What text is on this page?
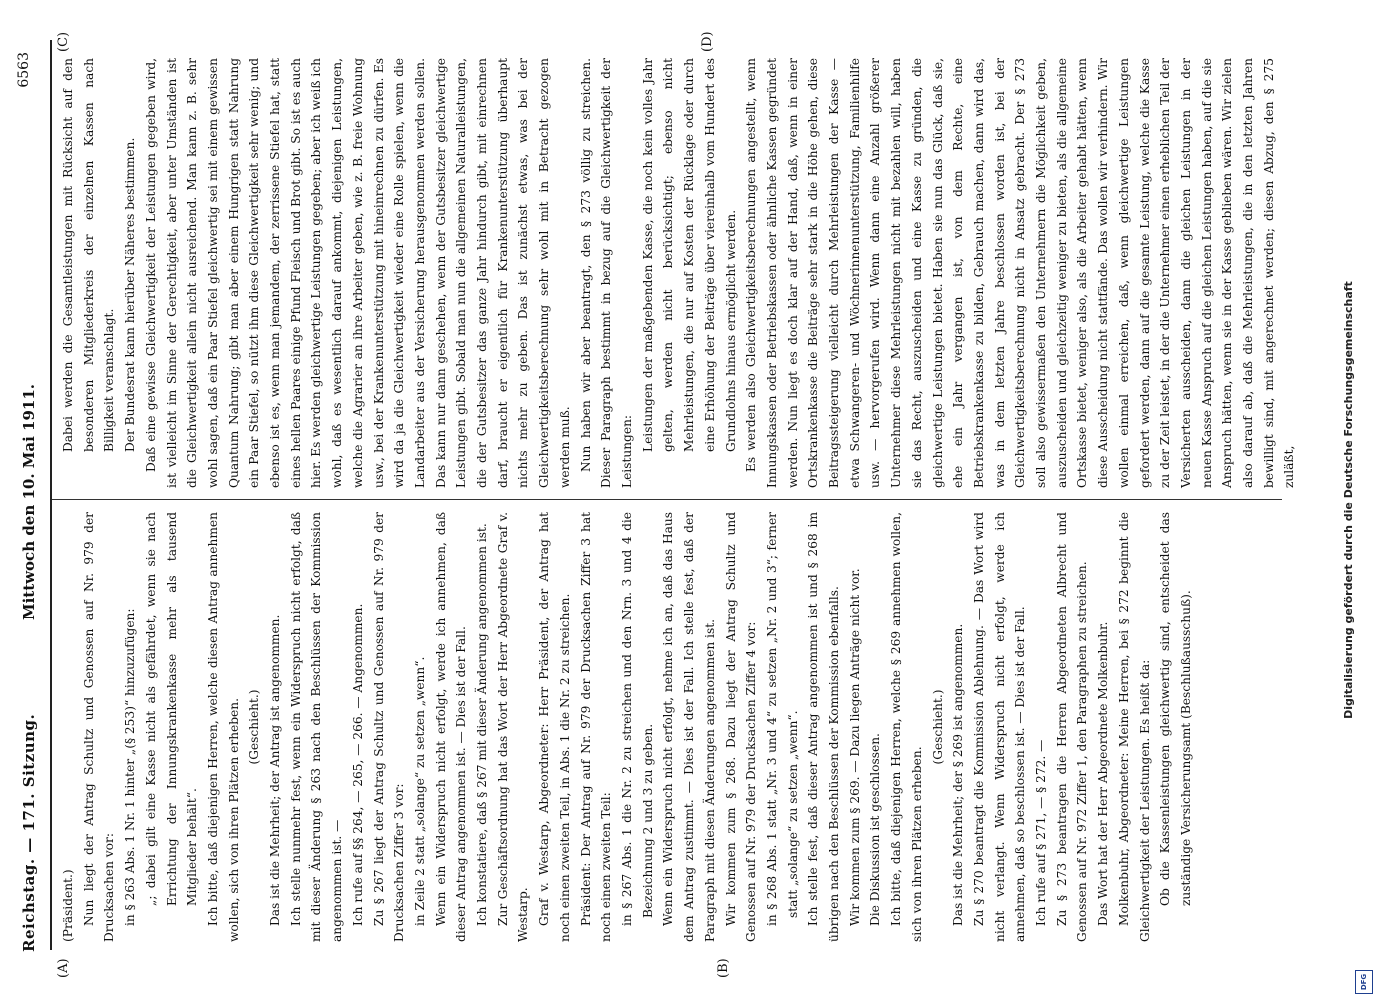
Reichstag. — 171. Sitzung.
Mittwoch den 10. Mai 1911.
6563
(A)	(B)
(C)	(D)

(Präsident.) Nun liegt der Antrag Schultz und Genossen auf Nr. 979 der Drucksachen vor: in § 263 Abs. 1 Nr. 1 hinter „(§ 253)“ hinzuzufügen: „; dabei gilt eine Kasse nicht als gefährdet, wenn sie nach Errichtung der Innungskrankenkasse mehr als tausend Mitglieder behält“. Ich bitte, daß diejenigen Herren, welche diesen Antrag annehmen wollen, sich von ihren Plätzen erheben. (Geschieht.) Das ist die Mehrheit; der Antrag ist angenommen. Ich stelle nunmehr fest, wenn ein Widerspruch nicht erfolgt, daß mit dieser Änderung § 263 nach den Beschlüssen der Kommission angenommen ist. — Ich rufe auf §§ 264, — 265, — 266. — Angenommen. Zu § 267 liegt der Antrag Schultz und Genossen auf Nr. 979 der Drucksachen Ziffer 3 vor: in Zeile 2 statt „solange“ zu setzen „wenn“. Wenn ein Widerspruch nicht erfolgt, werde ich annehmen, daß dieser Antrag angenommen ist. — Dies ist der Fall. Ich konstatiere, daß § 267 mit dieser Änderung angenommen ist. Zur Geschäftsordnung hat das Wort der Herr Abgeordnete Graf v. Westarp. Graf v. Westarp, Abgeordneter: Herr Präsident, der Antrag hat noch einen zweiten Teil, in Abs. 1 die Nr. 2 zu streichen. Präsident: Der Antrag auf Nr. 979 der Drucksachen Ziffer 3 hat noch einen zweiten Teil: in § 267 Abs. 1 die Nr. 2 zu streichen und den Nrn. 3 und 4 die Bezeichnung 2 und 3 zu geben. Wenn ein Widerspruch nicht erfolgt, nehme ich an, daß das Haus dem Antrag zustimmt. — Dies ist der Fall. Ich stelle fest, daß der Paragraph mit diesen Änderungen angenommen ist. Wir kommen zum § 268. Dazu liegt der Antrag Schultz und Genossen auf Nr. 979 der Drucksachen Ziffer 4 vor: in § 268 Abs. 1 statt „Nr. 3 und 4“ zu setzen „Nr. 2 und 3“; ferner statt „solange“ zu setzen „wenn“. Ich stelle fest, daß dieser Antrag angenommen ist und § 268 im übrigen nach den Beschlüssen der Kommission ebenfalls. Wir kommen zum § 269. — Dazu liegen Anträge nicht vor. Die Diskussion ist geschlossen. Ich bitte, daß diejenigen Herren, welche § 269 annehmen wollen, sich von ihren Plätzen erheben.

(Geschieht.) Das ist die Mehrheit; der § 269 ist angenommen. Zu § 270 beantragt die Kommission Ablehnung. — Das Wort wird nicht verlangt. Wenn Widerspruch nicht erfolgt, werde ich annehmen, daß so beschlossen ist. — Dies ist der Fall. Ich rufe auf § 271, — § 272. — Zu § 273 beantragen die Herren Abgeordneten Albrecht und Genossen auf Nr. 972 Ziffer 1, den Paragraphen zu streichen. Das Wort hat der Herr Abgeordnete Molkenbuhr. Molkenbuhr, Abgeordneter: Meine Herren, bei § 272 beginnt die Gleichwertigkeit der Leistungen. Es heißt da: Ob die Kassenleistungen gleichwertig sind, entscheidet das zuständige Versicherungsamt (Beschlußausschuß).

Dabei werden die Gesamtleistungen mit Rücksicht auf den besonderen Mitgliederkreis der einzelnen Kassen nach Billigkeit veranschlagt. Der Bundesrat kann hierüber Näheres bestimmen. Daß eine gewisse Gleichwertigkeit der Leistungen gegeben wird, ist vielleicht im Sinne der Gerechtigkeit, aber unter Umständen ist die Gleichwertigkeit allein nicht ausreichend. Man kann z. B. sehr wohl sagen, daß ein Paar Stiefel gleichwertig sei mit einem gewissen Quantum Nahrung; gibt man aber einem Hungrigen statt Nahrung ein Paar Stiefel, so nützt ihm diese Gleichwertigkeit sehr wenig; und ebenso ist es, wenn man jemandem, der zerrissene Stiefel hat, statt eines hellen Paares einige Pfund Fleisch und Brot gibt. So ist es auch hier. Es werden gleichwertige Leistungen gegeben; aber ich weiß ich wohl, daß es wesentlich darauf ankommt, diejenigen Leistungen, welche die Agrarier an ihre Arbeiter geben, wie z. B. freie Wohnung usw., bei der Krankenunterstützung mit hineinrechnen zu dürfen. Es wird da ja die Gleichwertigkeit wieder eine Rolle spielen, wenn die Landarbeiter aus der Versicherung herausgenommen werden sollen. Das kann nur dann geschehen, wenn der Gutsbesitzer gleichwertige Leistungen gibt. Sobald man nun die allgemeinen Naturalleistungen, die der Gutsbesitzer das ganze Jahr hindurch gibt, mit einrechnen darf, braucht er eigentlich für Krankenunterstützung überhaupt nichts mehr zu geben. Das ist zunächst etwas, was bei der Gleichwertigkeitsberechnung sehr wohl mit in Betracht gezogen werden muß. Nun haben wir aber beantragt, den § 273 völlig zu streichen. Dieser Paragraph bestimmt in bezug auf die Gleichwertigkeit der Leistungen: Leistungen der maßgebenden Kasse, die noch kein volles Jahr gelten, werden nicht berücksichtigt; ebenso nicht Mehrleistungen, die nur auf Kosten der Rücklage oder durch eine Erhöhung der Beiträge über viereinhalb vom Hundert des Grundlohns hinaus ermöglicht werden. Es werden also Gleichwertigkeitsberechnungen angestellt, wenn Innungskassen oder Betriebskassen oder ähnliche Kassen gegründet werden. Nun liegt es doch klar auf der Hand, daß, wenn in einer Ortskrankenkasse die Beiträge sehr stark in die Höhe gehen, diese Beitragssteigerung vielleicht durch Mehrleistungen der Kasse — etwa Schwangeren- und Wöchnerinnenunterstützung, Familienhilfe usw. — hervorgerufen wird. Wenn dann eine Anzahl größerer Unternehmer diese Mehrleistungen nicht mit bezahlen will, haben sie das Recht, auszuscheiden und eine Kasse zu gründen, die gleichwertige Leistungen bietet. Haben sie nun das Glück, daß sie, ehe ein Jahr vergangen ist, von dem Rechte, eine Betriebskrankenkasse zu bilden, Gebrauch machen, dann wird das, was in dem letzten Jahre beschlossen worden ist, bei der Gleichwertigkeitsberechnung nicht in Ansatz gebracht. Der § 273 soll also gewissermaßen den Unternehmern die Möglichkeit geben, auszuscheiden und gleichzeitig weniger zu bieten, als die allgemeine Ortskasse bietet, weniger also, als die Arbeiter gehabt hätten, wenn diese Ausscheidung nicht stattfände. Das wollen wir verhindern. Wir wollen einmal erreichen, daß, wenn gleichwertige Leistungen gefordert werden, dann auf die gesamte Leistung, welche die Kasse zu der Zeit leistet, in der die Unternehmer einen erheblichen Teil der Versicherten ausscheiden, dann die gleichen Leistungen in der neuen Kasse Anspruch auf die gleichen Leistungen haben, auf die sie Anspruch hätten, wenn sie in der Kasse geblieben wären. Wir zielen also darauf ab, daß die Mehrleistungen, die in den letzten Jahren bewilligt sind, mit angerechnet werden; diesen Abzug, den § 275 zuläßt,	Digitalisierung gefördert durch die Deutsche Forschungsgemeinschaft
DFG
